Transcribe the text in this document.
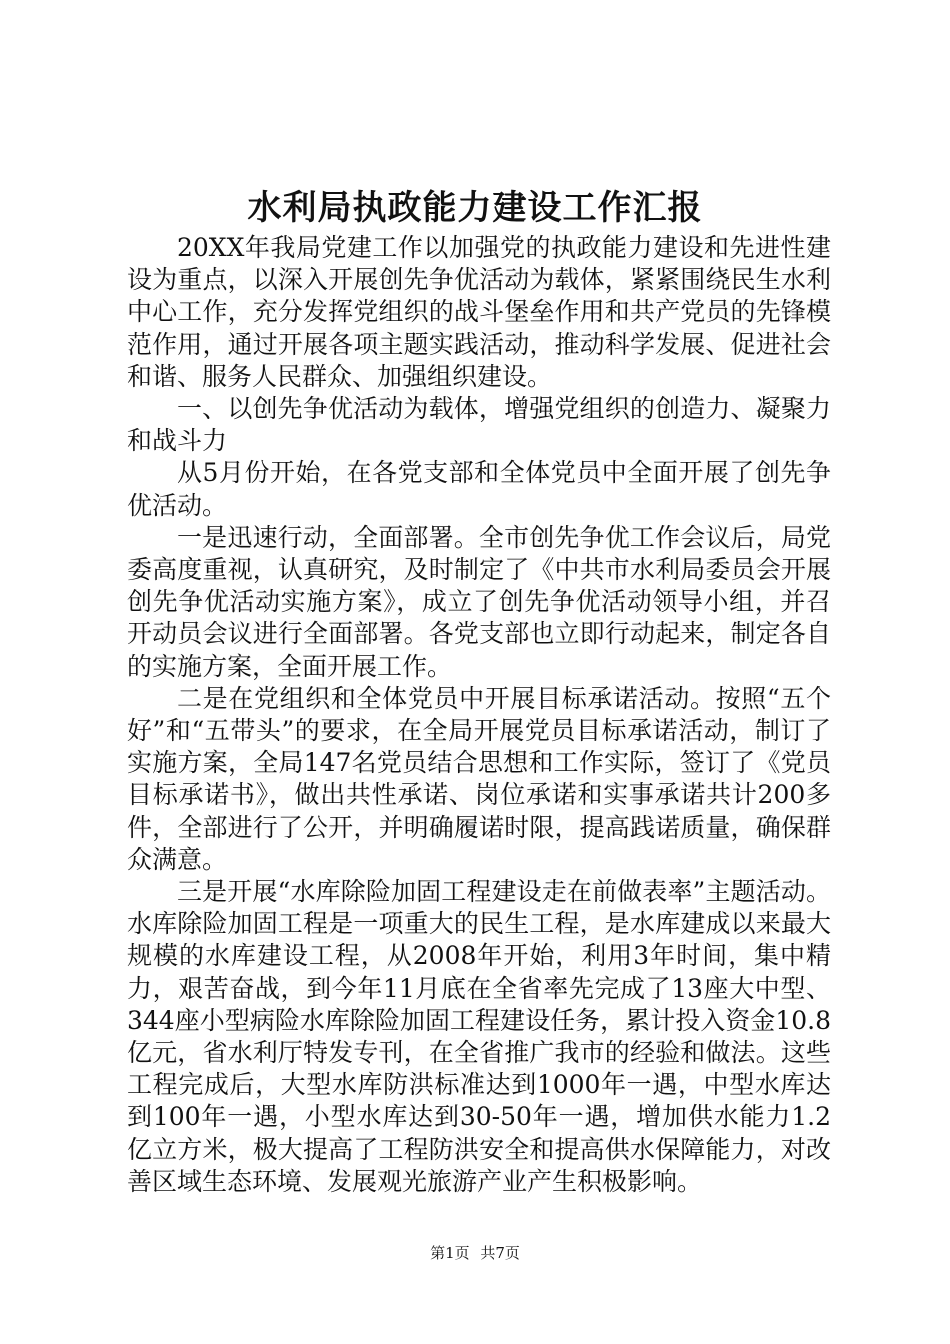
水利局执政能力建设工作汇报

20XX年我局党建工作以加强党的执政能力建设和先进性建设为重点，以深入开展创先争优活动为载体，紧紧围绕民生水利中心工作，充分发挥党组织的战斗堡垒作用和共产党员的先锋模范作用，通过开展各项主题实践活动，推动科学发展、促进社会和谐、服务人民群众、加强组织建设。

一、以创先争优活动为载体，增强党组织的创造力、凝聚力和战斗力

从5月份开始，在各党支部和全体党员中全面开展了创先争优活动。

一是迅速行动，全面部署。全市创先争优工作会议后，局党委高度重视，认真研究，及时制定了《中共市水利局委员会开展创先争优活动实施方案》，成立了创先争优活动领导小组，并召开动员会议进行全面部署。各党支部也立即行动起来，制定各自的实施方案，全面开展工作。

二是在党组织和全体党员中开展目标承诺活动。按照“五个好”和“五带头”的要求，在全局开展党员目标承诺活动，制订了实施方案，全局147名党员结合思想和工作实际，签订了《党员目标承诺书》，做出共性承诺、岗位承诺和实事承诺共计200多件，全部进行了公开，并明确履诺时限，提高践诺质量，确保群众满意。

三是开展“水库除险加固工程建设走在前做表率”主题活动。水库除险加固工程是一项重大的民生工程，是水库建成以来最大规模的水库建设工程，从2008年开始，利用3年时间，集中精力，艰苦奋战，到今年11月底在全省率先完成了13座大中型、344座小型病险水库除险加固工程建设任务，累计投入资金10.8亿元，省水利厅特发专刊，在全省推广我市的经验和做法。这些工程完成后，大型水库防洪标准达到1000年一遇，中型水库达到100年一遇，小型水库达到30-50年一遇，增加供水能力1.2亿立方米，极大提高了工程防洪安全和提高供水保障能力，对改善区域生态环境、发展观光旅游产业产生积极影响。

第1页 共7页
